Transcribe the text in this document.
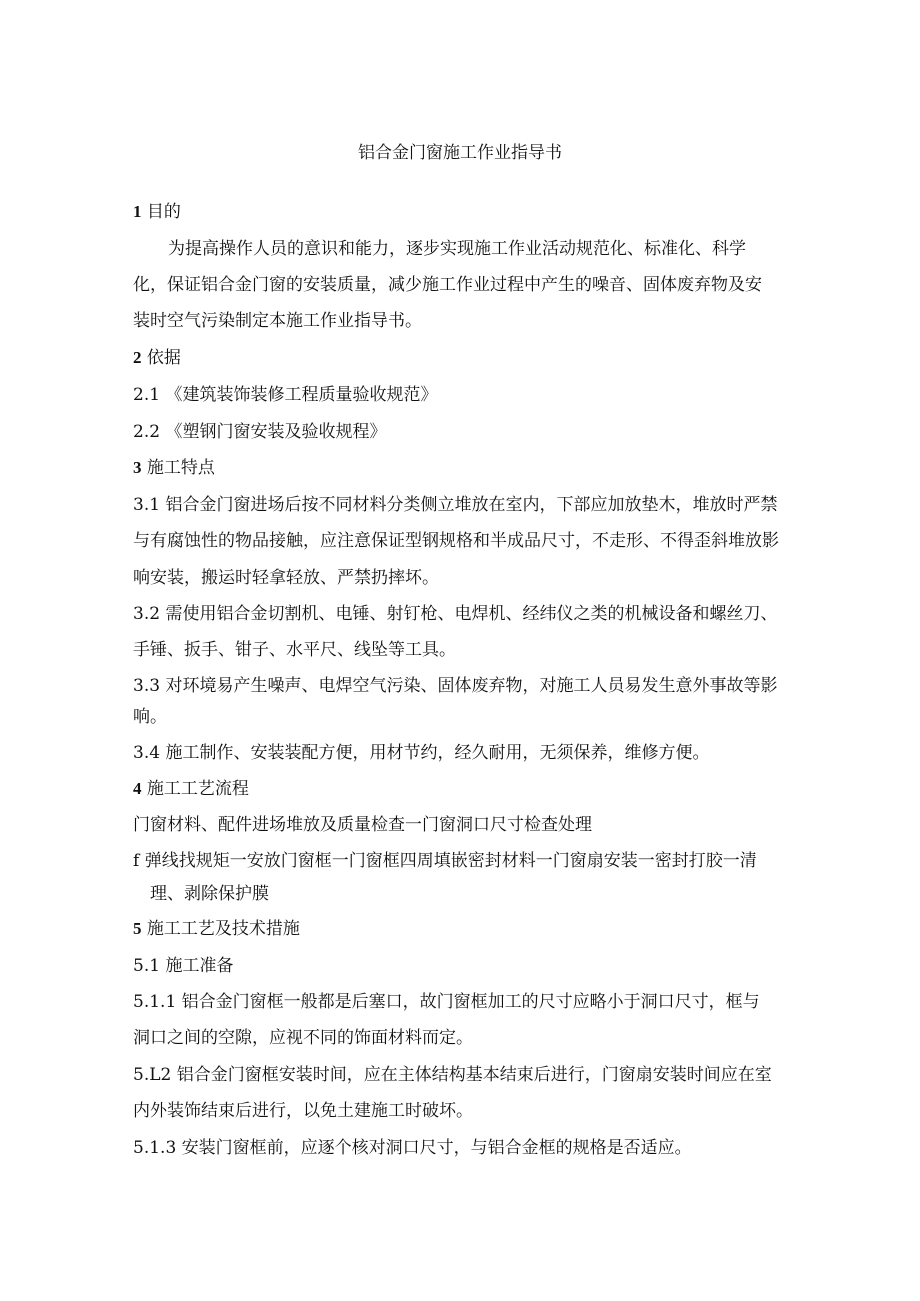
铝合金门窗施工作业指导书

1 目的

为提高操作人员的意识和能力，逐步实现施工作业活动规范化、标准化、科学

化，保证铝合金门窗的安装质量，减少施工作业过程中产生的噪音、固体废弃物及安

装时空气污染制定本施工作业指导书。

2 依据

2.1 《建筑装饰装修工程质量验收规范》

2.2 《塑钢门窗安装及验收规程》

3 施工特点

3.1 铝合金门窗进场后按不同材料分类侧立堆放在室内，下部应加放垫木，堆放时严禁

与有腐蚀性的物品接触，应注意保证型钢规格和半成品尺寸，不走形、不得歪斜堆放影

响安装，搬运时轻拿轻放、严禁扔摔坏。

3.2 需使用铝合金切割机、电锤、射钉枪、电焊机、经纬仪之类的机械设备和螺丝刀、

手锤、扳手、钳子、水平尺、线坠等工具。

3.3 对环境易产生噪声、电焊空气污染、固体废弃物，对施工人员易发生意外事故等影

响。

3.4 施工制作、安装装配方便，用材节约，经久耐用，无须保养，维修方便。

4 施工工艺流程

门窗材料、配件进场堆放及质量检查一门窗洞口尺寸检查处理

f 弹线找规矩一安放门窗框一门窗框四周填嵌密封材料一门窗扇安装一密封打胶一清

理、剥除保护膜

5 施工工艺及技术措施

5.1 施工准备

5.1.1 铝合金门窗框一般都是后塞口，故门窗框加工的尺寸应略小于洞口尺寸，框与

洞口之间的空隙，应视不同的饰面材料而定。

5.L2 铝合金门窗框安装时间，应在主体结构基本结束后进行，门窗扇安装时间应在室

内外装饰结束后进行，以免土建施工时破坏。

5.1.3 安装门窗框前，应逐个核对洞口尺寸，与铝合金框的规格是否适应。
